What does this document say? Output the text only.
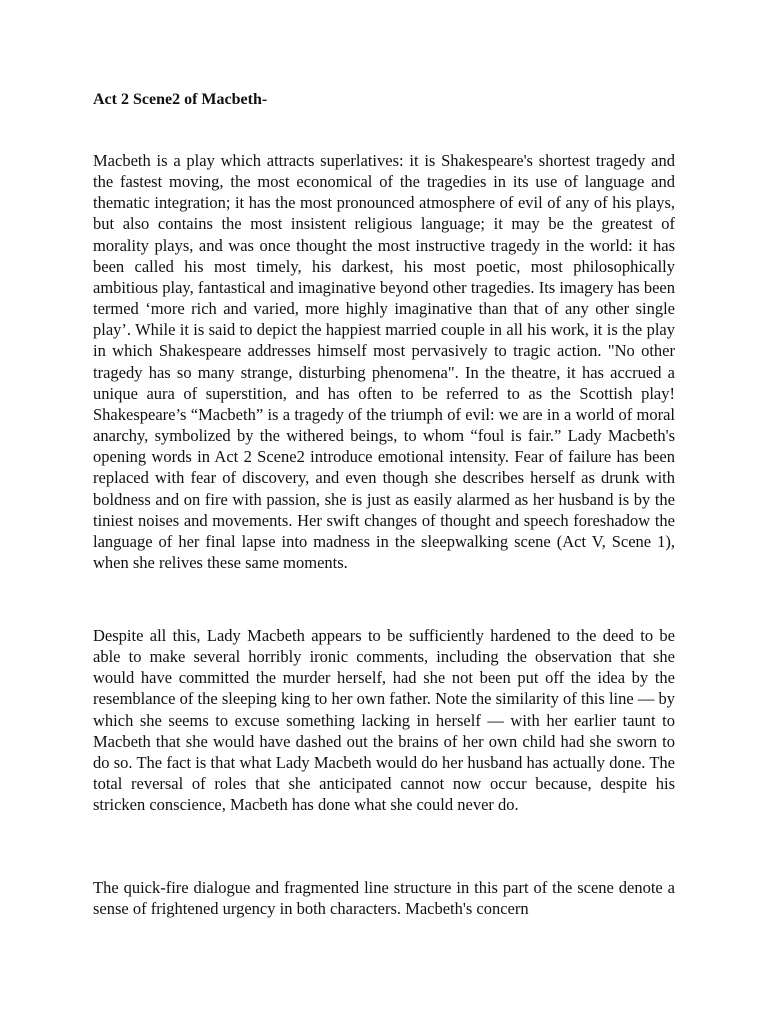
Act 2 Scene2 of Macbeth-

Macbeth is a play which attracts superlatives: it is Shakespeare's shortest tragedy and the fastest moving, the most economical of the tragedies in its use of language and thematic integration; it has the most pronounced atmosphere of evil of any of his plays, but also contains the most insistent religious language; it may be the greatest of morality plays, and was once thought the most instructive tragedy in the world: it has been called his most timely, his darkest, his most poetic, most philosophically ambitious play, fantastical and imaginative beyond other tragedies. Its imagery has been termed ‘more rich and varied, more highly imaginative than that of any other single play’. While it is said to depict the happiest married couple in all his work, it is the play in which Shakespeare addresses himself most pervasively to tragic action. "No other tragedy has so many strange, disturbing phenomena". In the theatre, it has accrued a unique aura of superstition, and has often to be referred to as the Scottish play! Shakespeare’s “Macbeth” is a tragedy of the triumph of evil: we are in a world of moral anarchy, symbolized by the withered beings, to whom “foul is fair.” Lady Macbeth's opening words in Act 2 Scene2 introduce emotional intensity. Fear of failure has been replaced with fear of discovery, and even though she describes herself as drunk with boldness and on fire with passion, she is just as easily alarmed as her husband is by the tiniest noises and movements. Her swift changes of thought and speech foreshadow the language of her final lapse into madness in the sleepwalking scene (Act V, Scene 1), when she relives these same moments.

Despite all this, Lady Macbeth appears to be sufficiently hardened to the deed to be able to make several horribly ironic comments, including the observation that she would have committed the murder herself, had she not been put off the idea by the resemblance of the sleeping king to her own father. Note the similarity of this line — by which she seems to excuse something lacking in herself — with her earlier taunt to Macbeth that she would have dashed out the brains of her own child had she sworn to do so. The fact is that what Lady Macbeth would do her husband has actually done. The total reversal of roles that she anticipated cannot now occur because, despite his stricken conscience, Macbeth has done what she could never do.

The quick-fire dialogue and fragmented line structure in this part of the scene denote a sense of frightened urgency in both characters. Macbeth's concern
